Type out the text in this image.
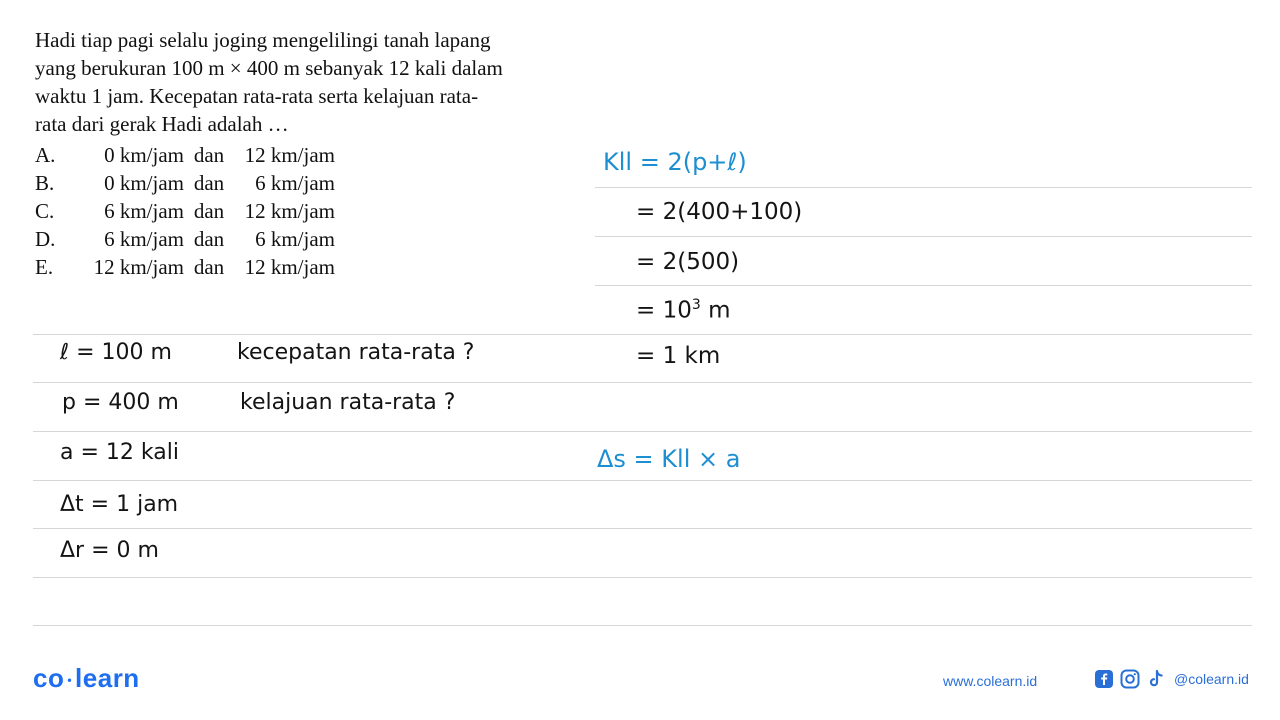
Hadi tiap pagi selalu joging mengelilingi tanah lapang

yang berukuran 100 m × 400 m sebanyak 12 kali dalam

waktu 1 jam. Kecepatan rata-rata serta kelajuan rata-

rata dari gerak Hadi adalah …

A.	0 km/jam dan 12 km/jam
B.	0 km/jam dan	6 km/jam
C.	6 km/jam dan 12 km/jam
D.	6 km/jam dan	6 km/jam
E.	12 km/jam dan 12 km/jam
ℓ = 100 m
p = 400 m
a = 12 kali
Δt = 1 jam
Δr = 0 m
kecepatan rata-rata ?
kelajuan rata-rata ?
Kll = 2(p+ℓ)
= 2(400+100)
= 2(500)
= $10^3$ m
= 1 km
Δs = Kll × a
co • learn	www.colearn.id	@colearn.id
